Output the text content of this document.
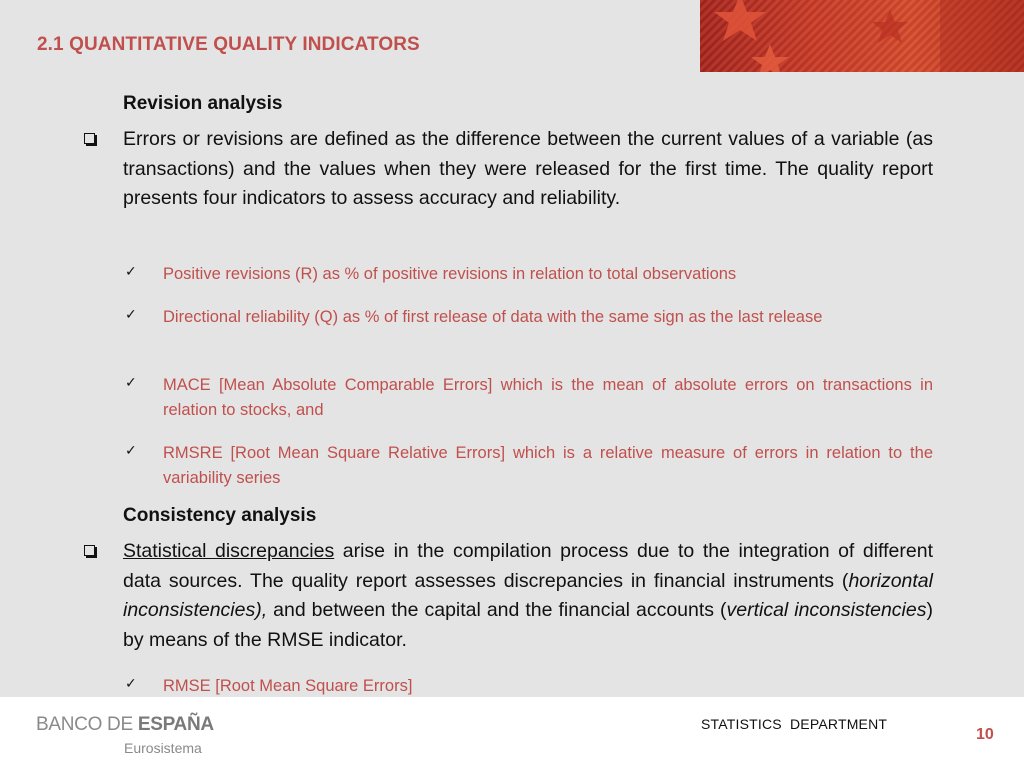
2.1 QUANTITATIVE QUALITY INDICATORS
Revision analysis
Errors or revisions are defined as the difference between the current values of a variable (as transactions) and the values when they were released for the first time. The quality report presents four indicators to assess accuracy and reliability.
✓ Positive revisions (R) as % of positive revisions in relation to total observations
✓ Directional reliability (Q) as % of first release of data with the same sign as the last release
✓ MACE [Mean Absolute Comparable Errors] which is the mean of absolute errors on transactions in relation to stocks, and
✓ RMSRE [Root Mean Square Relative Errors] which is a relative measure of errors in relation to the variability series
Consistency analysis
Statistical discrepancies arise in the compilation process due to the integration of different data sources. The quality report assesses discrepancies in financial instruments (horizontal inconsistencies), and between the capital and the financial accounts (vertical inconsistencies) by means of the RMSE indicator.
✓ RMSE [Root Mean Square Errors]
BANCO DE ESPAÑA
Eurosistema
STATISTICS  DEPARTMENT
10
